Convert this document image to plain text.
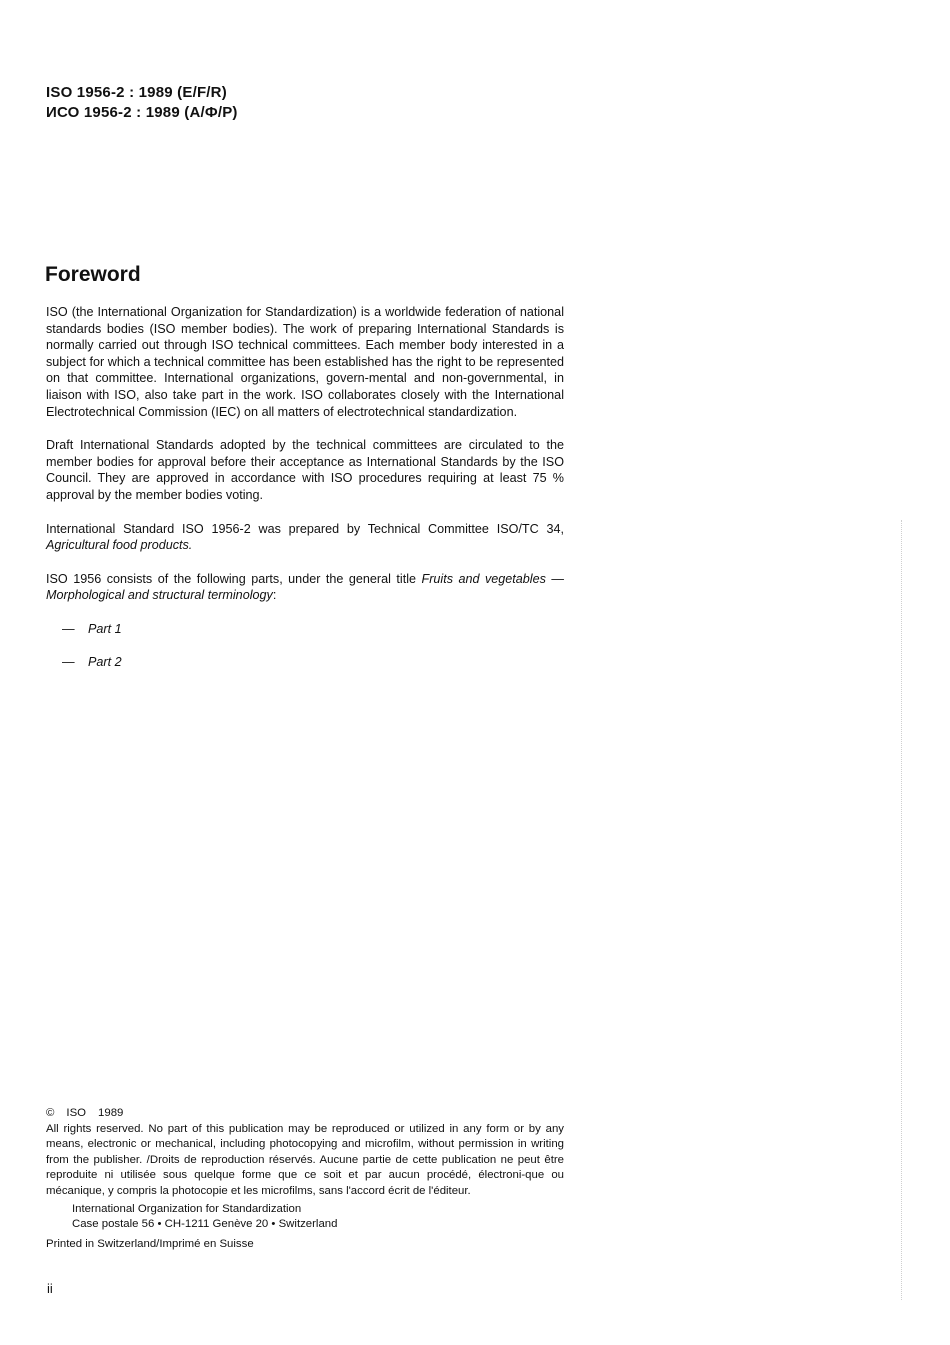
ISO 1956-2 : 1989 (E/F/R)
ИСО 1956-2 : 1989 (А/Ф/Р)
Foreword

ISO (the International Organization for Standardization) is a worldwide federation of national standards bodies (ISO member bodies). The work of preparing International Standards is normally carried out through ISO technical committees. Each member body interested in a subject for which a technical committee has been established has the right to be represented on that committee. International organizations, govern-mental and non-governmental, in liaison with ISO, also take part in the work. ISO collaborates closely with the International Electrotechnical Commission (IEC) on all matters of electrotechnical standardization.

Draft International Standards adopted by the technical committees are circulated to the member bodies for approval before their acceptance as International Standards by the ISO Council. They are approved in accordance with ISO procedures requiring at least 75 % approval by the member bodies voting.

International Standard ISO 1956-2 was prepared by Technical Committee ISO/TC 34, Agricultural food products.

ISO 1956 consists of the following parts, under the general title Fruits and vegetables — Morphological and structural terminology:

— Part 1
— Part 2
© ISO 1989
All rights reserved. No part of this publication may be reproduced or utilized in any form or by any means, electronic or mechanical, including photocopying and microfilm, without permission in writing from the publisher. /Droits de reproduction réservés. Aucune partie de cette publication ne peut être reproduite ni utilisée sous quelque forme que ce soit et par aucun procédé, électroni-que ou mécanique, y compris la photocopie et les microfilms, sans l'accord écrit de l'éditeur.
International Organization for Standardization
Case postale 56 • CH-1211 Genève 20 • Switzerland
Printed in Switzerland/Imprimé en Suisse
ii
